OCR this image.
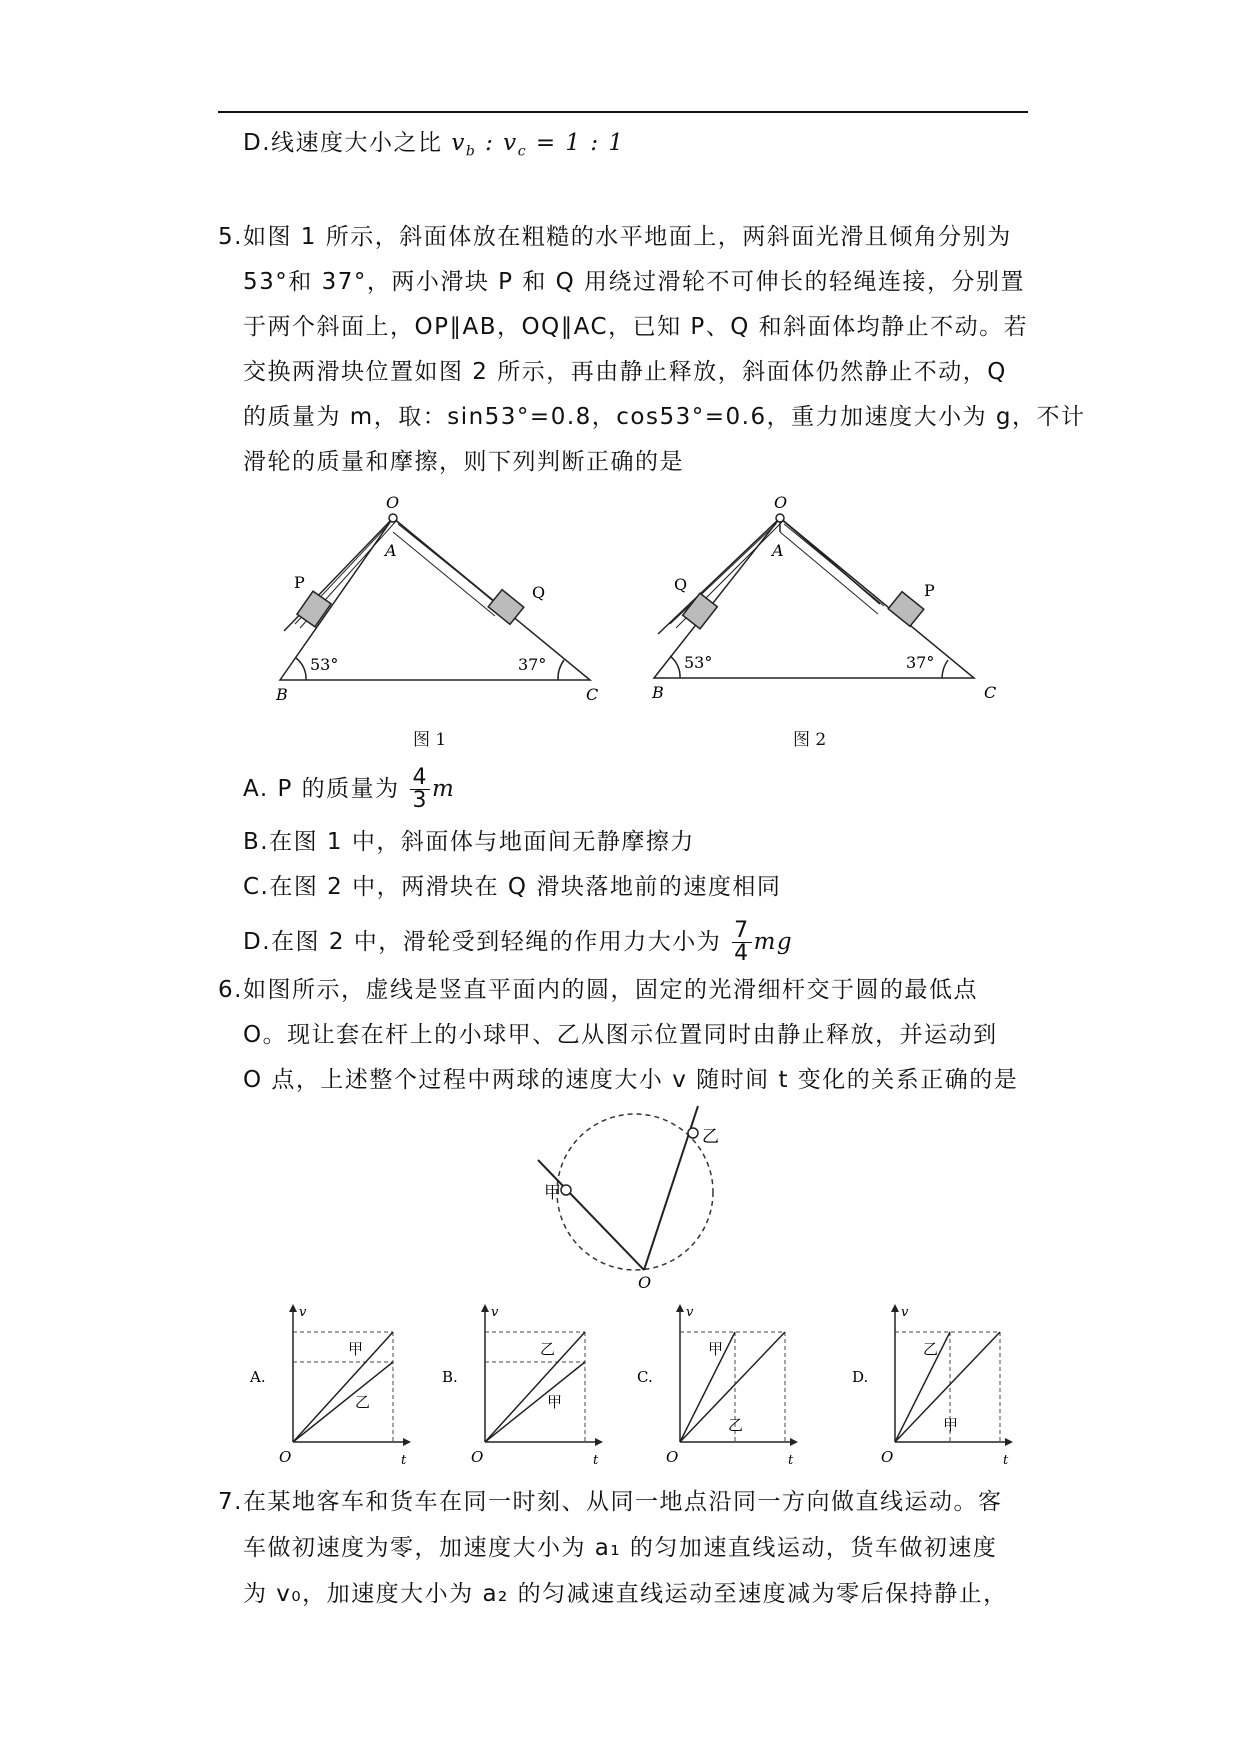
D.线速度大小之比 $v_b$ : $v_c = 1$ : 1
5.如图 1 所示，斜面体放在粗糙的水平地面上，两斜面光滑且倾角分别为
53°和 37°，两小滑块 P 和 Q 用绕过滑轮不可伸长的轻绳连接，分别置
于两个斜面上，OP∥AB，OQ∥AC，已知 P、Q 和斜面体均静止不动。若
交换两滑块位置如图 2 所示，再由静止释放，斜面体仍然静止不动，Q
的质量为 m，取：sin53°=0.8，cos53°=0.6，重力加速度大小为 g，不计
滑轮的质量和摩擦，则下列判断正确的是
O
A
B	C
P
Q
53°	37°
图 1
O
A
B	C
Q	P
53°	37°
图 2
A. P 的质量为 $\frac{4}{3}$ m
B.在图 1 中，斜面体与地面间无静摩擦力
C.在图 2 中，两滑块在 Q 滑块落地前的速度相同
D.在图 2 中，滑轮受到轻绳的作用力大小为 $\frac{7}{4}$ mg
6.如图所示，虚线是竖直平面内的圆，固定的光滑细杆交于圆的最低点
O。现让套在杆上的小球甲、乙从图示位置同时由静止释放，并运动到
O 点，上述整个过程中两球的速度大小 v 随时间 t 变化的关系正确的是
甲
乙
O
甲
乙
v
t
O
A.
乙
甲
v
t
O
B.
甲
乙
v
t
O
C.
乙
甲
v
t
O
D.
7.在某地客车和货车在同一时刻、从同一地点沿同一方向做直线运动。客
车做初速度为零，加速度大小为 a₁ 的匀加速直线运动，货车做初速度
为 v₀，加速度大小为 a₂ 的匀减速直线运动至速度减为零后保持静止，
